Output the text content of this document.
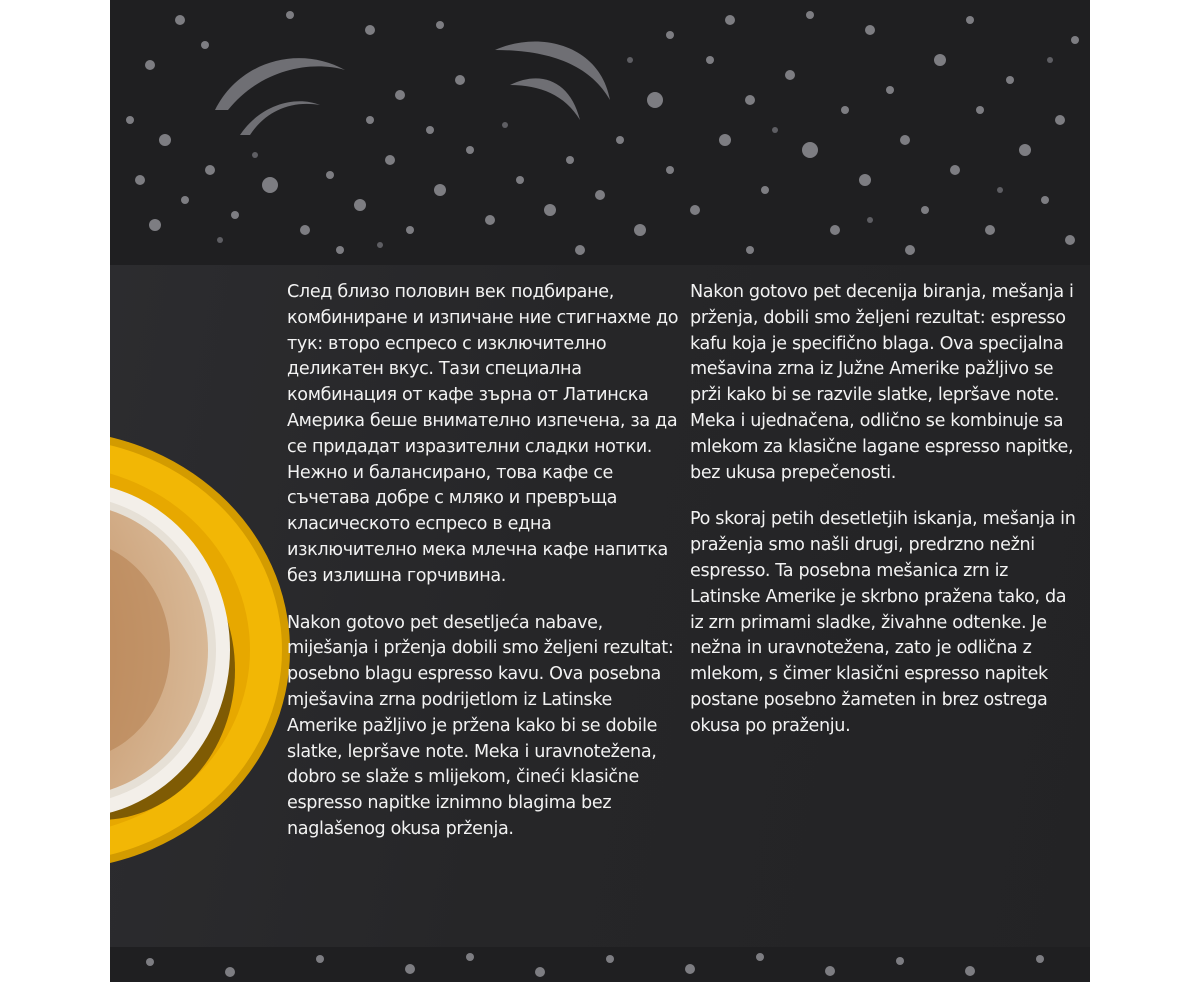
След близо половин век подбиране, комбиниране и изпичане ние стигнахме до тук: второ еспресо с изключително деликатен вкус. Тази специална комбинация от кафе зърна от Латинска Америка беше внимателно изпечена, за да се придадат изразителни сладки нотки. Нежно и балансирано, това кафе се съчетава добре с мляко и превръща класическото еспресо в една изключително мека млечна кафе напитка без излишна горчивина.

Nakon gotovo pet desetljeća nabave, miješanja i prženja dobili smo željeni rezultat: posebno blagu espresso kavu. Ova posebna mješavina zrna podrijetlom iz Latinske Amerike pažljivo je pržena kako bi se dobile slatke, lepršave note. Meka i uravnotežena, dobro se slaže s mlijekom, čineći klasične espresso napitke iznimno blagima bez naglašenog okusa prženja.

Nakon gotovo pet decenija biranja, mešanja i prženja, dobili smo željeni rezultat: espresso kafu koja je specifično blaga. Ova specijalna mešavina zrna iz Južne Amerike pažljivo se prži kako bi se razvile slatke, lepršave note. Meka i ujednačena, odlično se kombinuje sa mlekom za klasične lagane espresso napitke, bez ukusa prepečenosti.

Po skoraj petih desetletjih iskanja, mešanja in praženja smo našli drugi, predrzno nežni espresso. Ta posebna mešanica zrn iz Latinske Amerike je skrbno pražena tako, da iz zrn primami sladke, živahne odtenke. Je nežna in uravnotežena, zato je odlična z mlekom, s čimer klasični espresso napitek postane posebno žameten in brez ostrega okusa po praženju.
